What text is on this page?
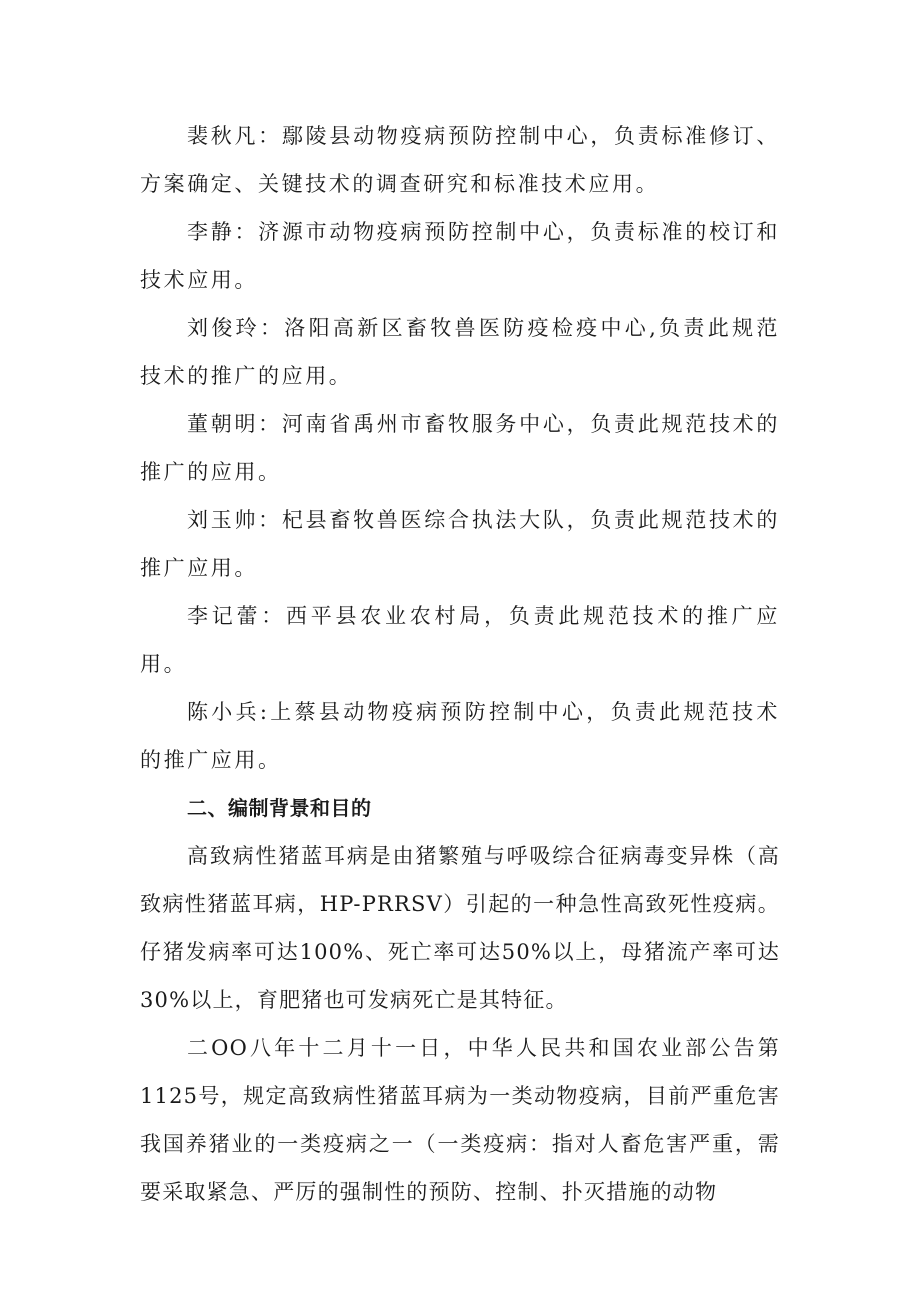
裴秋凡：鄢陵县动物疫病预防控制中心，负责标准修订、方案确定、关键技术的调查研究和标准技术应用。

李静：济源市动物疫病预防控制中心，负责标准的校订和技术应用。

刘俊玲：洛阳高新区畜牧兽医防疫检疫中心,负责此规范技术的推广的应用。

董朝明：河南省禹州市畜牧服务中心，负责此规范技术的推广的应用。

刘玉帅：杞县畜牧兽医综合执法大队，负责此规范技术的推广应用。

李记蕾：西平县农业农村局，负责此规范技术的推广应用。

陈小兵:上蔡县动物疫病预防控制中心，负责此规范技术的推广应用。

二、编制背景和目的

高致病性猪蓝耳病是由猪繁殖与呼吸综合征病毒变异株（高致病性猪蓝耳病，HP-PRRSV）引起的一种急性高致死性疫病。仔猪发病率可达100%、死亡率可达50%以上，母猪流产率可达30%以上，育肥猪也可发病死亡是其特征。

二OO八年十二月十一日，中华人民共和国农业部公告第1125号，规定高致病性猪蓝耳病为一类动物疫病，目前严重危害我国养猪业的一类疫病之一（一类疫病：指对人畜危害严重，需要采取紧急、严厉的强制性的预防、控制、扑灭措施的动物
